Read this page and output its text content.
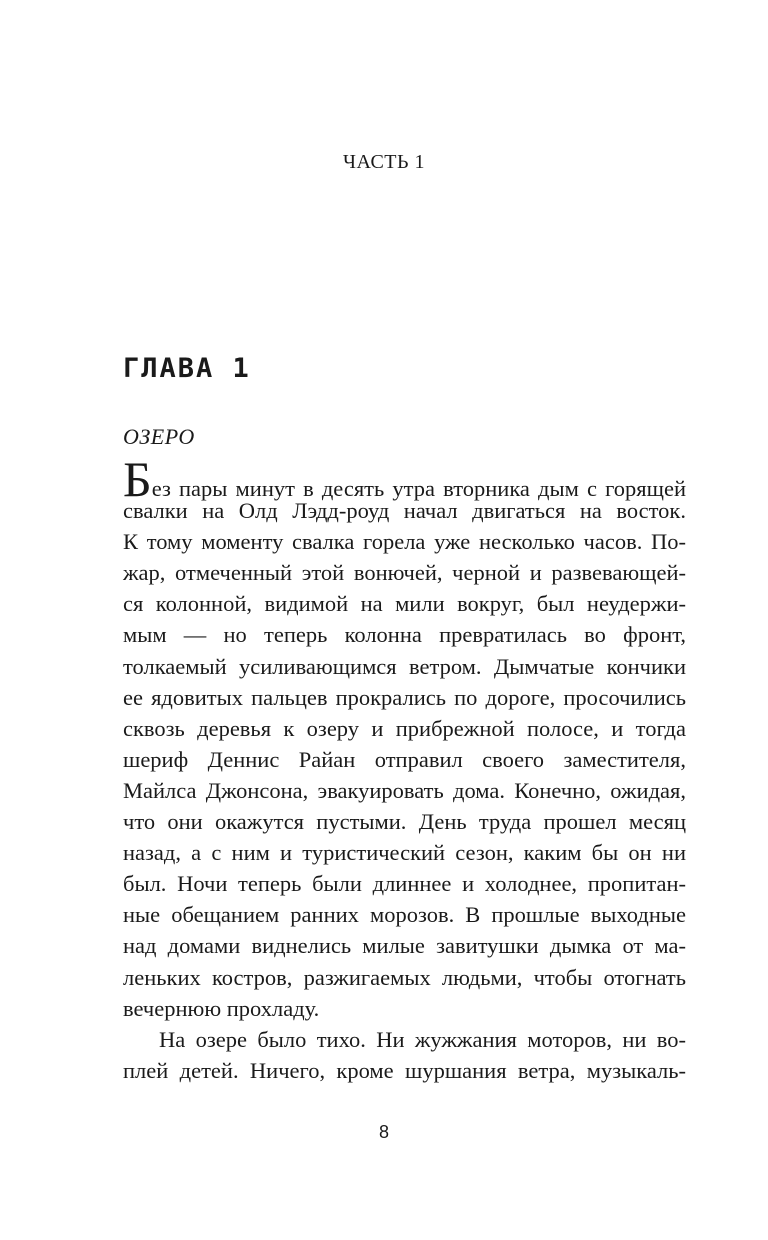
ЧАСТЬ 1
ГЛАВА 1
ОЗЕРО
Без пары минут в десять утра вторника дым с горящей
свалки на Олд Лэдд-роуд начал двигаться на восток.
К тому моменту свалка горела уже несколько часов. По-
жар, отмеченный этой вонючей, черной и развевающей-
ся колонной, видимой на мили вокруг, был неудержи-
мым — но теперь колонна превратилась во фронт,
толкаемый усиливающимся ветром. Дымчатые кончики
ее ядовитых пальцев прокрались по дороге, просочились
сквозь деревья к озеру и прибрежной полосе, и тогда
шериф Деннис Райан отправил своего заместителя,
Майлса Джонсона, эвакуировать дома. Конечно, ожидая,
что они окажутся пустыми. День труда прошел месяц
назад, а с ним и туристический сезон, каким бы он ни
был. Ночи теперь были длиннее и холоднее, пропитан-
ные обещанием ранних морозов. В прошлые выходные
над домами виднелись милые завитушки дымка от ма-
леньких костров, разжигаемых людьми, чтобы отогнать
вечернюю прохладу.
На озере было тихо. Ни жужжания моторов, ни во-
плей детей. Ничего, кроме шуршания ветра, музыкаль-
8
